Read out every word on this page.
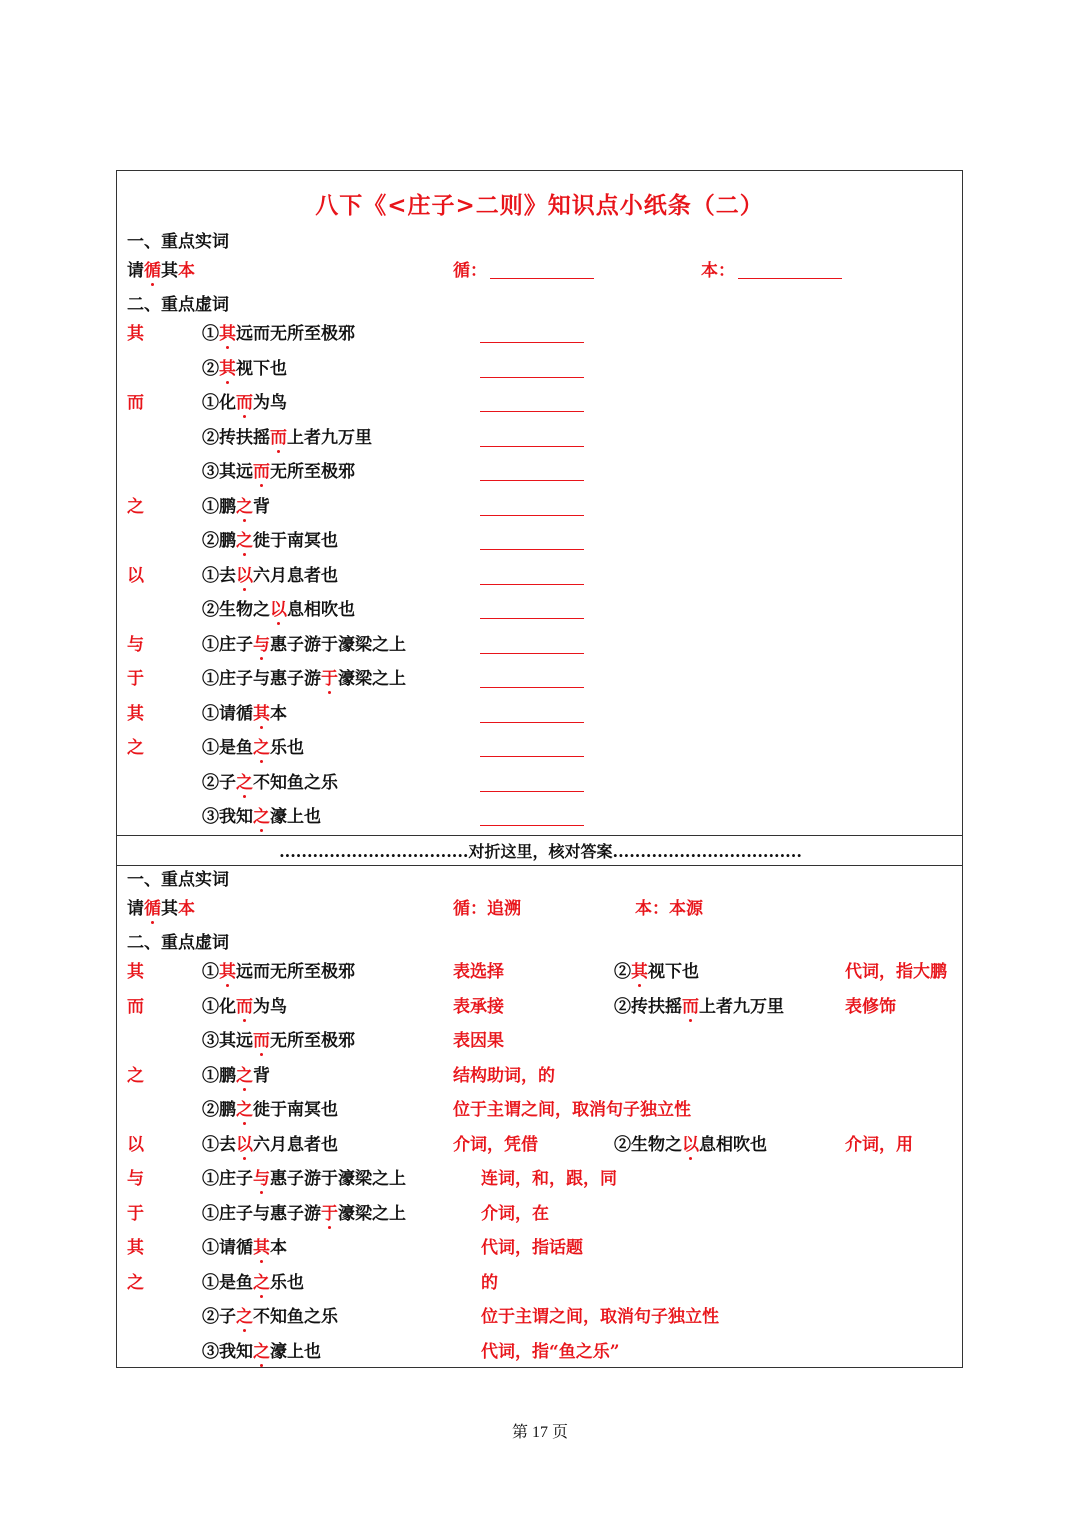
八下《<庄子>二则》知识点小纸条（二）
一、重点实词
请循其本	循：	本：
二、重点虚词
其	①其远而无所至极邪
②其视下也
而	①化而为鸟
②抟扶摇而上者九万里
③其远而无所至极邪
之	①鹏之背
②鹏之徙于南冥也
以	①去以六月息者也
②生物之以息相吹也
与	①庄子与惠子游于濠梁之上
于	①庄子与惠子游于濠梁之上
其	①请循其本
之	①是鱼之乐也
②子之不知鱼之乐
③我知之濠上也
..................................对折这里，核对答案..................................
一、重点实词
请循其本	循：追溯	本：本源
二、重点虚词
其	①其远而无所至极邪	表选择	②其视下也	代词，指大鹏
而	①化而为鸟	表承接	②抟扶摇而上者九万里	表修饰
③其远而无所至极邪	表因果
之	①鹏之背	结构助词，的
②鹏之徙于南冥也	位于主谓之间，取消句子独立性
以	①去以六月息者也	介词，凭借	②生物之以息相吹也	介词，用
与	①庄子与惠子游于濠梁之上	连词，和，跟，同
于	①庄子与惠子游于濠梁之上	介词，在
其	①请循其本	代词，指话题
之	①是鱼之乐也	的
②子之不知鱼之乐	位于主谓之间，取消句子独立性
③我知之濠上也	代词，指“鱼之乐”
第 17 页
